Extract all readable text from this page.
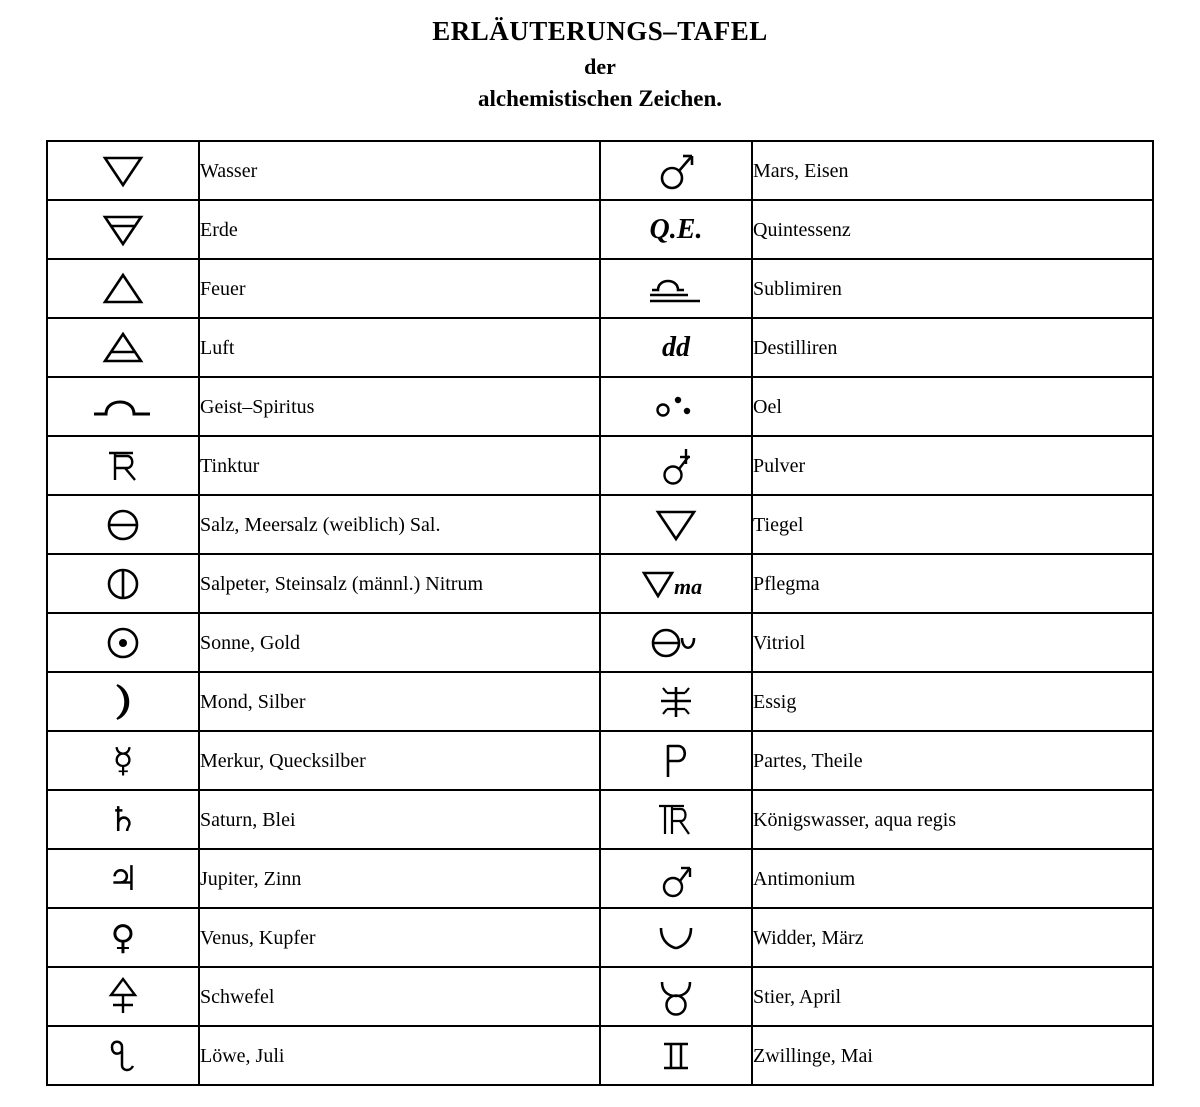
ERLÄUTERUNGS–TAFEL
der
alchemistischen Zeichen.
	Wasser		Mars, Eisen

	Erde	Q.E.	Quintessenz

	Feuer		Sublimiren

	Luft	dd	Destilliren

	Geist–Spiritus		Oel

	Tinktur		Pulver

	Salz, Meersalz (weiblich) Sal.		Tiegel

	Salpeter, Steinsalz (männl.) Nitrum	ma	Pflegma

	Sonne, Gold		Vitriol

	Mond, Silber		Essig
☿	Merkur, Quecksilber		Partes, Theile
♄	Saturn, Blei		Königswasser, aqua regis
♃	Jupiter, Zinn		Antimonium
♀	Venus, Kupfer		Widder, März

	Schwefel		Stier, April

	Löwe, Juli		Zwillinge, Mai
